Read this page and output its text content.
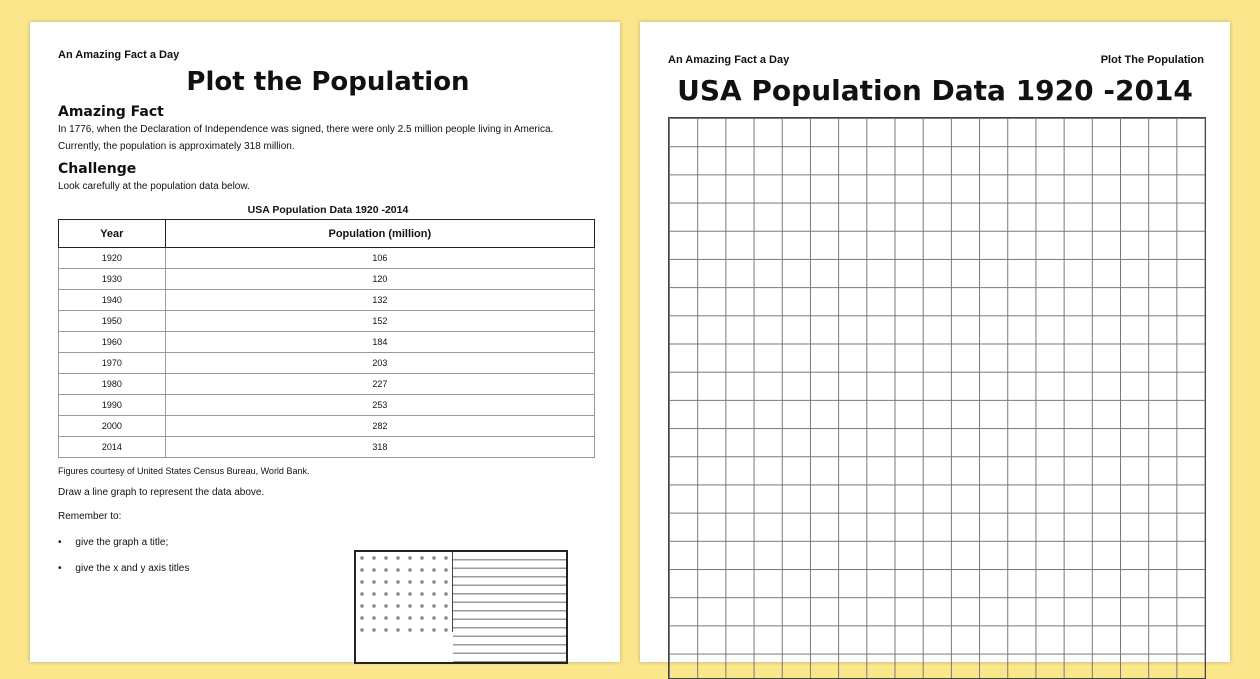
An Amazing Fact a Day
Plot the Population
Amazing Fact
In 1776, when the Declaration of Independence was signed, there were only 2.5 million people living in America. Currently, the population is approximately 318 million.
Challenge
Look carefully at the population data below.
USA Population Data 1920 -2014
Year	Population (million)
1920	106
1930	120
1940	132
1950	152
1960	184
1970	203
1980	227
1990	253
2000	282
2014	318
Figures courtesy of United States Census Bureau, World Bank.
Draw a line graph to represent the data above.
Remember to:
•     give the graph a title;
•     give the x and y axis titles
An Amazing Fact a Day	Plot The Population
USA Population Data 1920 -2014
